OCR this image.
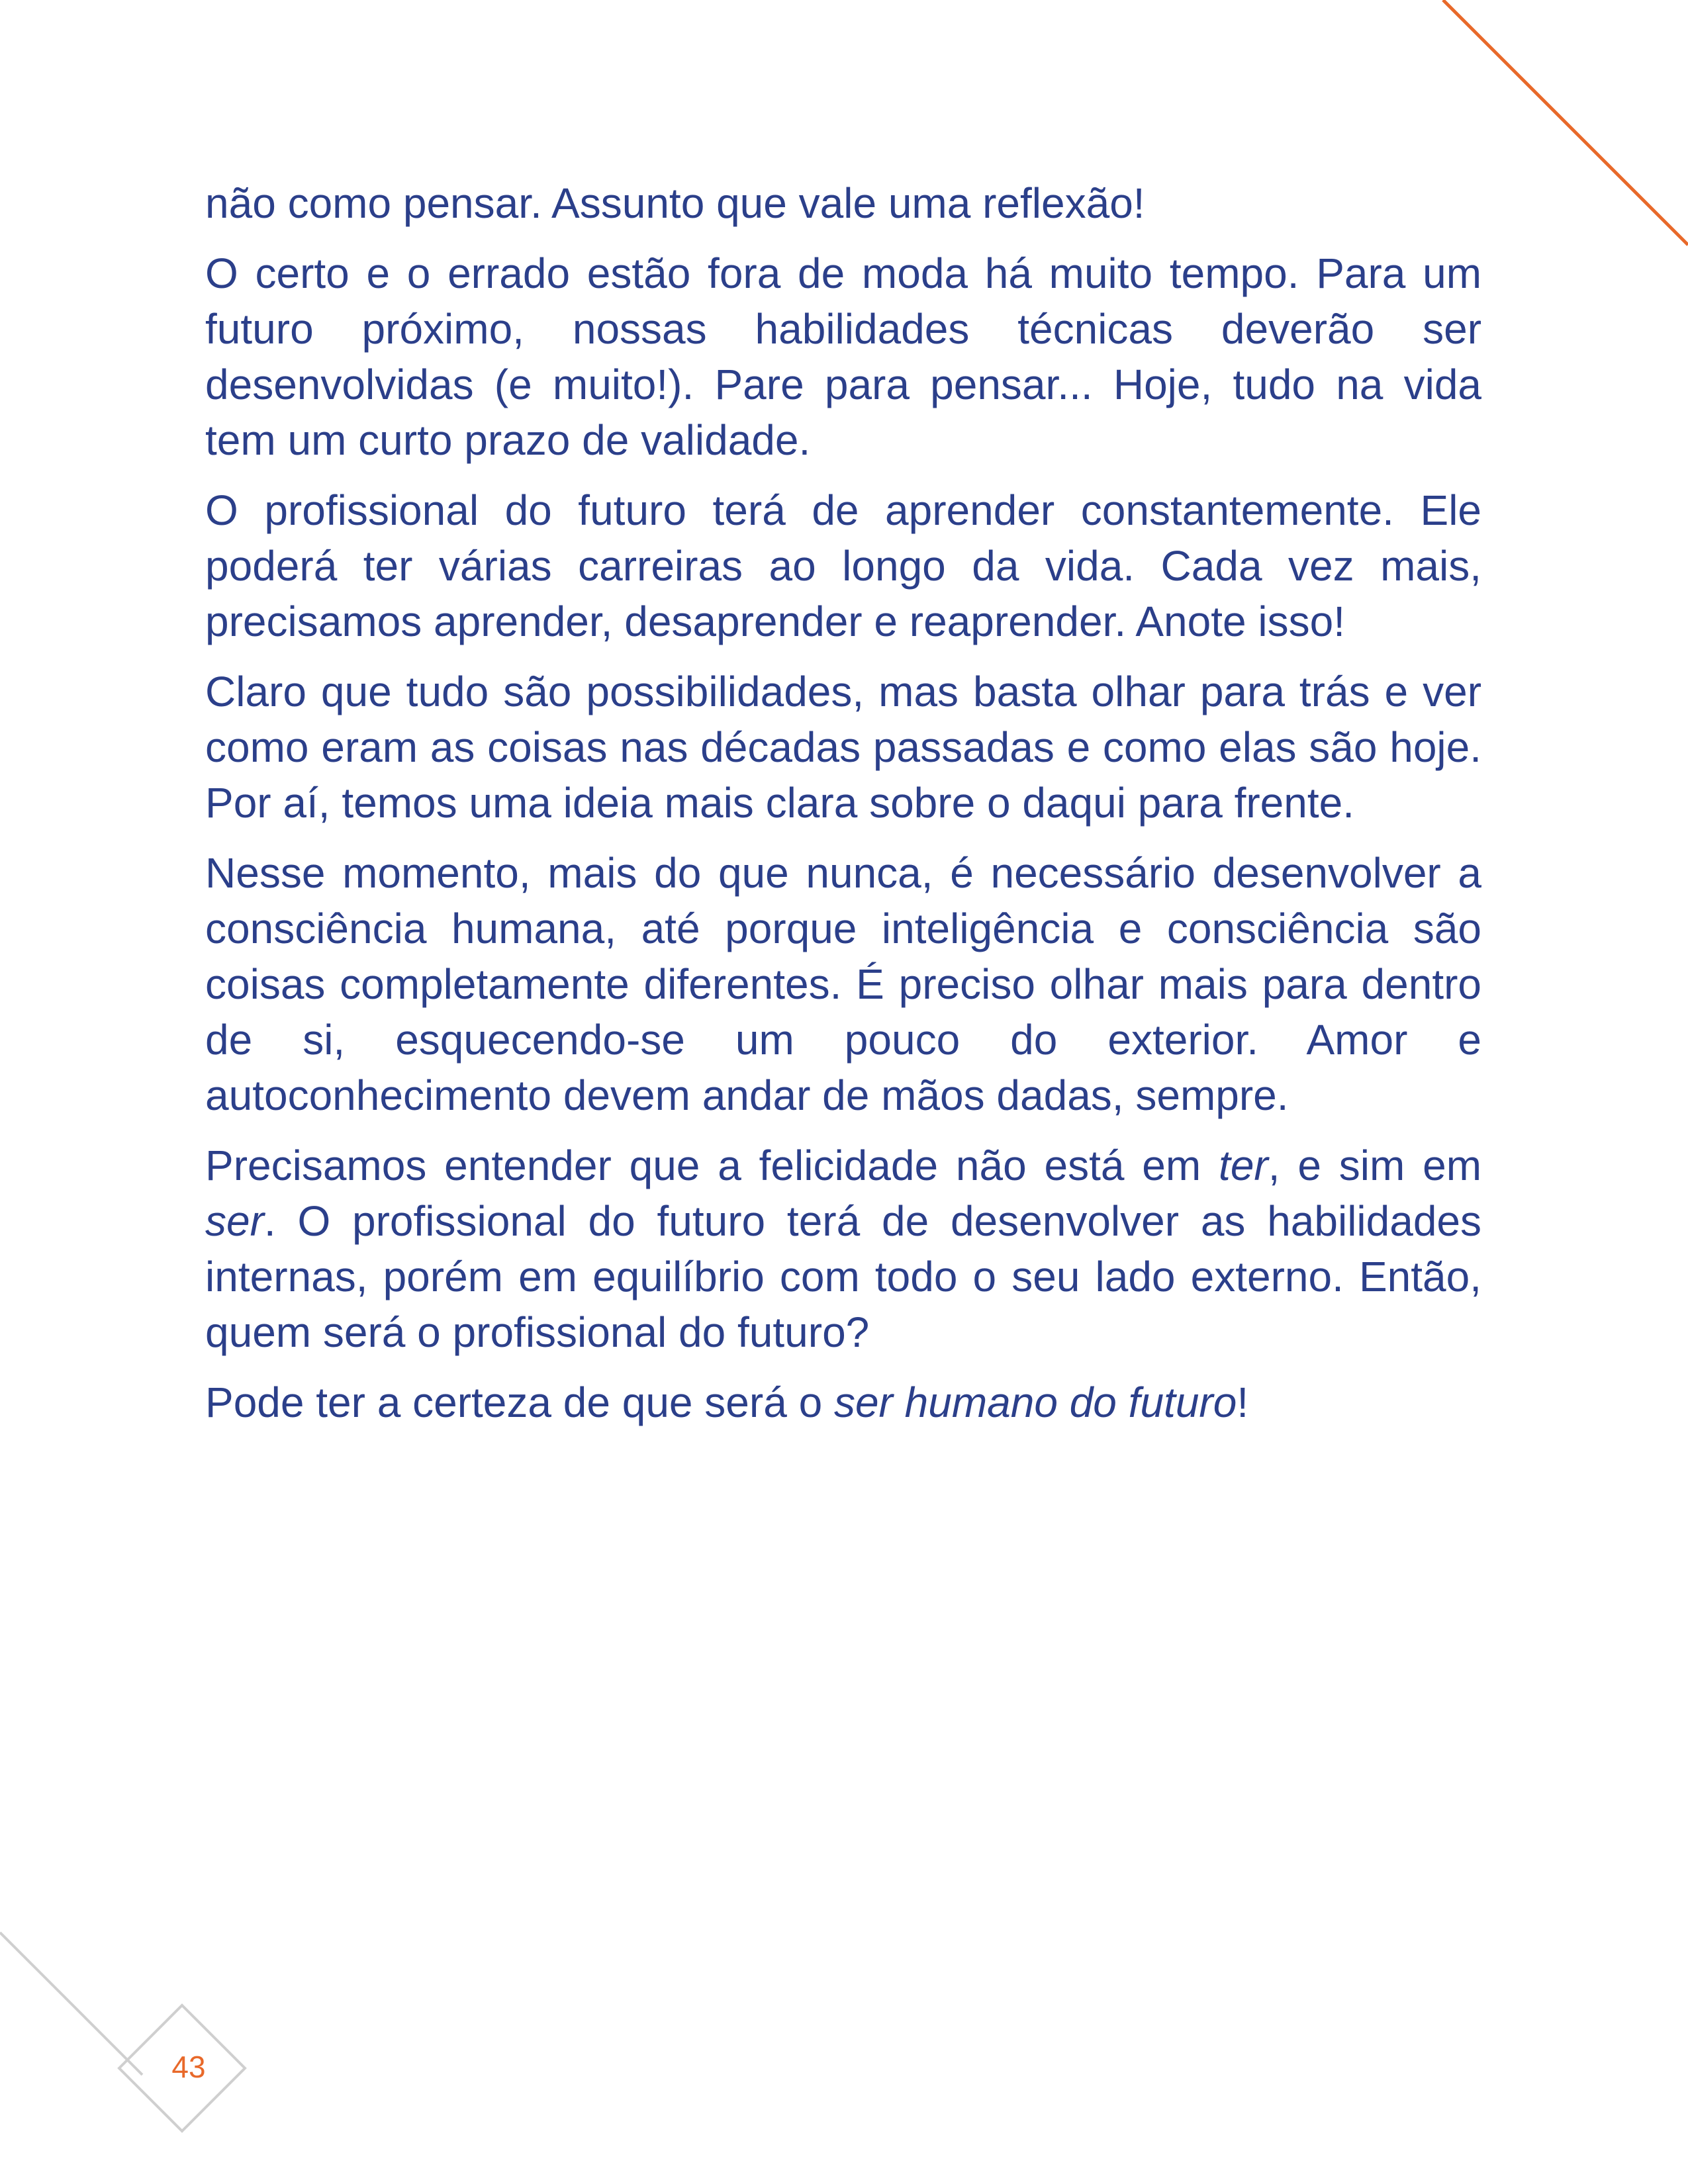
não como pensar. Assunto que vale uma reflexão!

O certo e o errado estão fora de moda há muito tempo. Para um futuro próximo, nossas habilidades técnicas deverão ser desenvolvidas (e muito!). Pare para pensar... Hoje, tudo na vida tem um curto prazo de validade.

O profissional do futuro terá de aprender constantemente. Ele poderá ter várias carreiras ao longo da vida. Cada vez mais, precisamos aprender, desaprender e reaprender. Anote isso!

Claro que tudo são possibilidades, mas basta olhar para trás e ver como eram as coisas nas décadas passadas e como elas são hoje. Por aí, temos uma ideia mais clara sobre o daqui para frente.

Nesse momento, mais do que nunca, é necessário desenvolver a consciência humana, até porque inteligência e consciência são coisas completamente diferentes. É preciso olhar mais para dentro de si, esquecendo-se um pouco do exterior. Amor e autoconhecimento devem andar de mãos dadas, sempre.

Precisamos entender que a felicidade não está em ter, e sim em ser. O profissional do futuro terá de desenvolver as habilidades internas, porém em equilíbrio com todo o seu lado externo. Então, quem será o profissional do futuro?

Pode ter a certeza de que será o ser humano do futuro!

43
